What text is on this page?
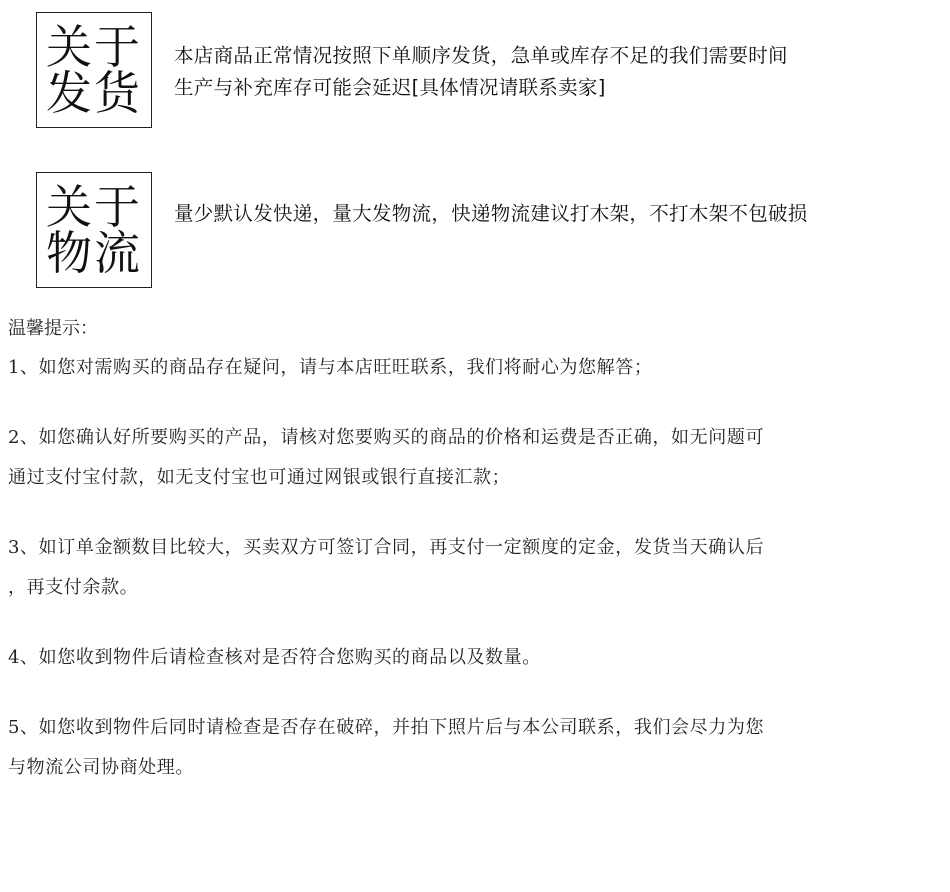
关于
发货
本店商品正常情况按照下单顺序发货，急单或库存不足的我们需要时间
生产与补充库存可能会延迟[具体情况请联系卖家]
关于
物流
量少默认发快递，量大发物流，快递物流建议打木架，不打木架不包破损

温馨提示：

1、如您对需购买的商品存在疑问，请与本店旺旺联系，我们将耐心为您解答；

2、如您确认好所要购买的产品，请核对您要购买的商品的价格和运费是否正确，如无问题可

通过支付宝付款，如无支付宝也可通过网银或银行直接汇款；

3、如订单金额数目比较大，买卖双方可签订合同，再支付一定额度的定金，发货当天确认后

，再支付余款。

4、如您收到物件后请检查核对是否符合您购买的商品以及数量。

5、如您收到物件后同时请检查是否存在破碎，并拍下照片后与本公司联系，我们会尽力为您

与物流公司协商处理。
